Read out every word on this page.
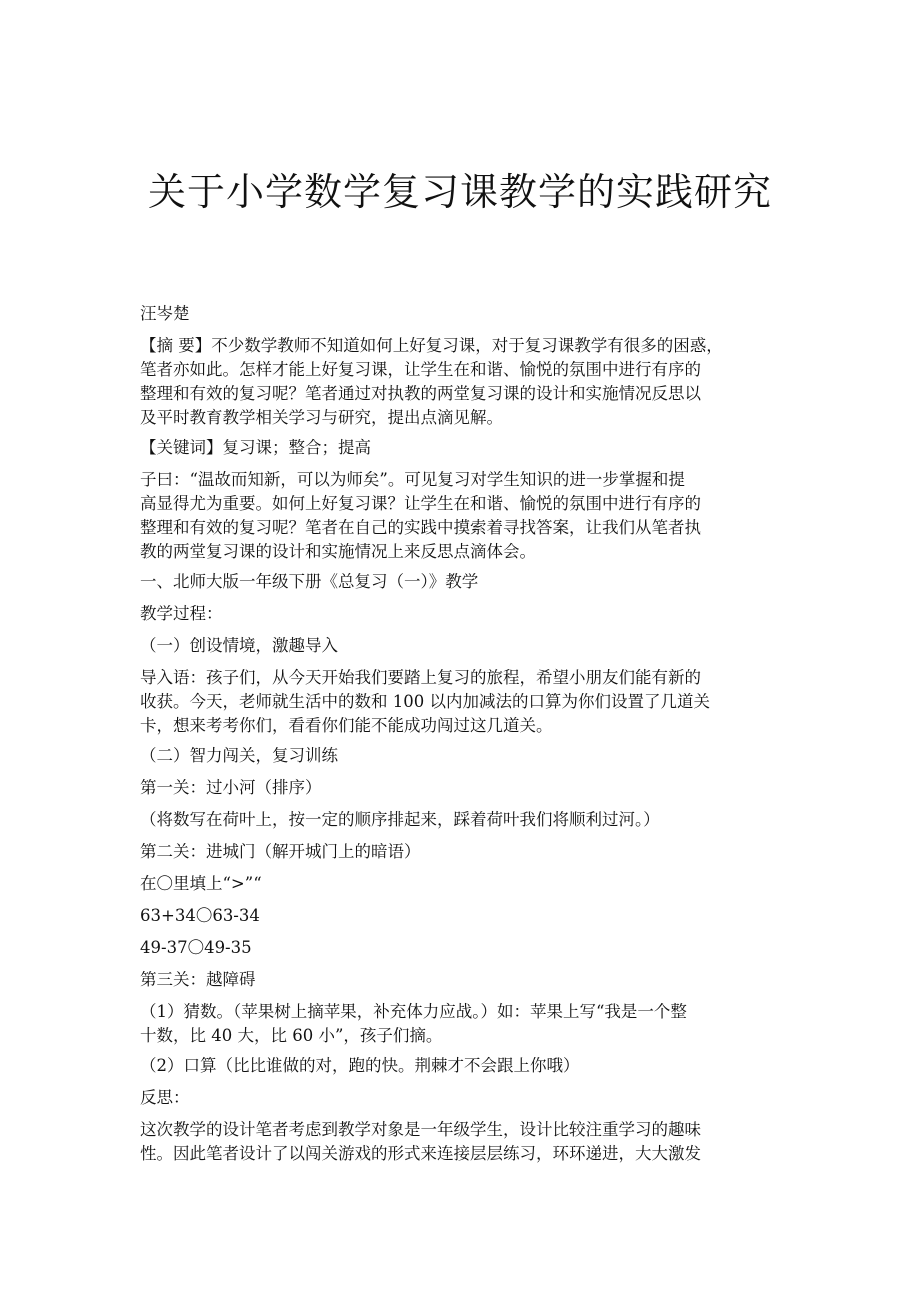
关于小学数学复习课教学的实践研究

汪岑楚

【摘 要】不少数学教师不知道如何上好复习课，对于复习课教学有很多的困惑，
笔者亦如此。怎样才能上好复习课，让学生在和谐、愉悦的氛围中进行有序的
整理和有效的复习呢？笔者通过对执教的两堂复习课的设计和实施情况反思以
及平时教育教学相关学习与研究，提出点滴见解。

【关键词】复习课；整合；提高

子曰：“温故而知新，可以为师矣”。可见复习对学生知识的进一步掌握和提
高显得尤为重要。如何上好复习课？让学生在和谐、愉悦的氛围中进行有序的
整理和有效的复习呢？笔者在自己的实践中摸索着寻找答案，让我们从笔者执
教的两堂复习课的设计和实施情况上来反思点滴体会。

一、北师大版一年级下册《总复习（一）》教学

教学过程：

（一）创设情境，激趣导入

导入语：孩子们，从今天开始我们要踏上复习的旅程，希望小朋友们能有新的
收获。今天，老师就生活中的数和 100 以内加减法的口算为你们设置了几道关
卡，想来考考你们，看看你们能不能成功闯过这几道关。

（二）智力闯关，复习训练

第一关：过小河（排序）

（将数写在荷叶上，按一定的顺序排起来，踩着荷叶我们将顺利过河。）

第二关：进城门（解开城门上的暗语）

在〇里填上“>”“

63+34〇63-34

49-37〇49-35

第三关：越障碍

（1）猜数。（苹果树上摘苹果，补充体力应战。）如：苹果上写“我是一个整
十数，比 40 大，比 60 小”，孩子们摘。

（2）口算（比比谁做的对，跑的快。荆棘才不会跟上你哦）

反思：

这次教学的设计笔者考虑到教学对象是一年级学生，设计比较注重学习的趣味
性。因此笔者设计了以闯关游戏的形式来连接层层练习，环环递进，大大激发
